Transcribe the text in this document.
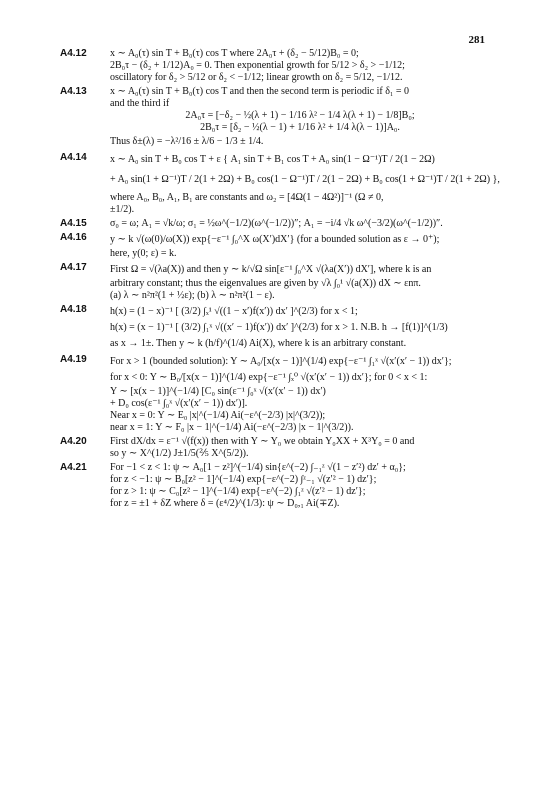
281
A4.12 x ∼ A₀(τ) sin T + B₀(τ) cos T where 2A₀τ + (δ₂ − 5/12)B₀ = 0;
2B₀τ − (δ₂ + 1/12)A₀ = 0. Then exponential growth for 5/12 > δ₂ > −1/12;
oscillatory for δ₂ > 5/12 or δ₂ < −1/12; linear growth on δ₂ = 5/12, −1/12.
A4.13 x ∼ A₀(τ) sin T + B₀(τ) cos T and then the second term is periodic if δ₁ = 0
and the third if
2A₀τ = [−δ₂ − ½(λ + 1) − 1/16 λ² − 1/4 λ(λ + 1) − 1/8]B₀;
2B₀τ = [δ₂ − ½(λ − 1) + 1/16 λ² + 1/4 λ(λ − 1)]A₀.
Thus δ±(λ) = −λ²/16 ± λ/6 − 1/3 ± 1/4.
A4.14 x ∼ A₀ sin T + B₀ cos T + ε { A₁ sin T + B₁ cos T + A₀ sin(1 − Ω⁻¹)T / 2(1 − 2Ω)
+ A₀ sin(1 + Ω⁻¹)T / 2(1 + 2Ω) + B₀ cos(1 − Ω⁻¹)T / 2(1 − 2Ω) + B₀ cos(1 + Ω⁻¹)T / 2(1 + 2Ω) },
where A₀, B₀, A₁, B₁ are constants and ω₂ = [4Ω(1 − 4Ω²)]⁻¹ (Ω ≠ 0,
±1/2).
A4.15 σ₀ = ω; A₁ = √k/ω; σ₁ = ½ω^(−1/2)(ω^(−1/2))″; A₁ = −i/4 √k ω^(−3/2)(ω^(−1/2))″.
A4.16 y ∼ k √(ω(0)/ω(X)) exp{−ε⁻¹ ∫₀^X ω(X′)dX′} (for a bounded solution as ε → 0⁺);
here, y(0; ε) = k.
A4.17 First Ω = √(λa(X)) and then y ∼ k/√Ω sin[ε⁻¹ ∫₀^X √(λa(X′)) dX′], where k is an
arbitrary constant; thus the eigenvalues are given by √λ ∫₀¹ √(a(X)) dX ∼ εnπ.
(a) λ ∼ n²π²(1 + ½ε); (b) λ ∼ n²π²(1 − ε).
A4.18 h(x) = (1 − x)⁻¹ [ (3/2) ∫ₓ¹ √((1 − x′)f(x′)) dx′ ]^(2/3) for x < 1;
h(x) = (x − 1)⁻¹ [ (3/2) ∫₁ˣ √((x′ − 1)f(x′)) dx′ ]^(2/3) for x > 1. N.B. h → [f(1)]^(1/3)
as x → 1±. Then y ∼ k (h/f)^(1/4) Ai(X), where k is an arbitrary constant.
A4.19 For x > 1 (bounded solution): Y ∼ A₀/[x(x − 1)]^(1/4) exp{−ε⁻¹ ∫₁ˣ √(x′(x′ − 1)) dx′};
for x < 0: Y ∼ B₀/[x(x − 1)]^(1/4) exp{−ε⁻¹ ∫ₓ⁰ √(x′(x′ − 1)) dx′}; for 0 < x < 1:
Y ∼ [x(x − 1)]^(−1/4) [C₀ sin(ε⁻¹ ∫₀ˣ √(x′(x′ − 1)) dx′)
+ D₀ cos(ε⁻¹ ∫₀ˣ √(x′(x′ − 1)) dx′)].
Near x = 0: Y ∼ E₀ |x|^(−1/4) Ai(−ε^(−2/3) |x|^(3/2));
near x = 1: Y ∼ F₀ |x − 1|^(−1/4) Ai(−ε^(−2/3) |x − 1|^(3/2)).
A4.20 First dX/dx = ε⁻¹ √(f(x)) then with Y ∼ Y₀ we obtain Y₀XX + X³Y₀ = 0 and
so y ∼ X^(1/2) J±1/5(⅖ X^(5/2)).
A4.21 For −1 < z < 1: ψ ∼ A₀[1 − z²]^(−1/4) sin{ε^(−2) ∫₋₁ᶻ √(1 − z′²) dz′ + α₀};
for z < −1: ψ ∼ B₀[z² − 1]^(−1/4) exp{−ε^(−2) ∫ᶻ₋₁ √(z′² − 1) dz′};
for z > 1: ψ ∼ C₀[z² − 1]^(−1/4) exp{−ε^(−2) ∫₁ᶻ √(z′² − 1) dz′};
for z = ±1 + δZ where δ = (ε⁴/2)^(1/3): ψ ∼ D₀,₁ Ai(∓Z).
